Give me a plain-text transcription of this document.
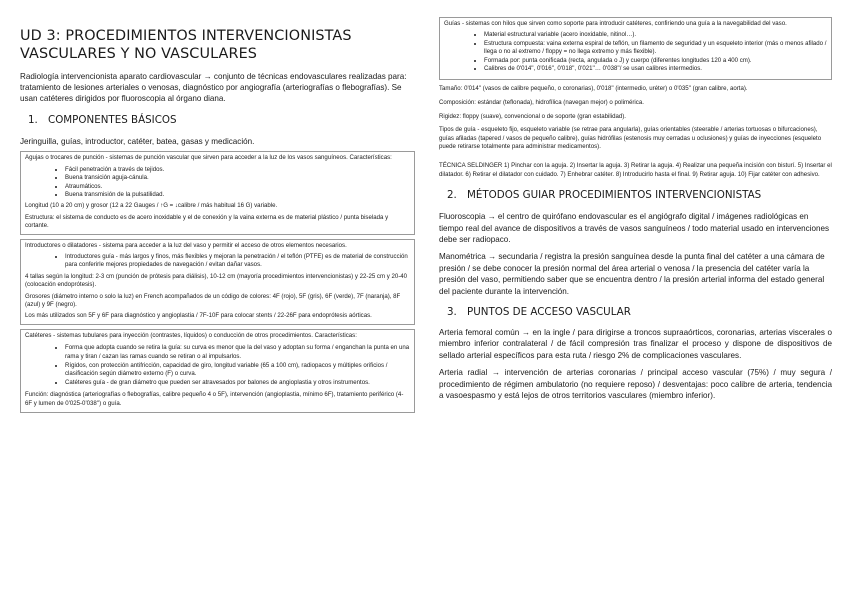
UD 3: PROCEDIMIENTOS INTERVENCIONISTAS VASCULARES Y NO VASCULARES

Radiología intervencionista aparato cardiovascular → conjunto de técnicas endovasculares realizadas para: tratamiento de lesiones arteriales o venosas, diagnóstico por angiografía (arteriografías o flebografías). Se usan catéteres dirigidos por fluoroscopia al órgano diana.

1. COMPONENTES BÁSICOS

Jeringuilla, guías, introductor, catéter, batea, gasas y medicación.

Agujas o trocares de punción - sistemas de punción vascular que sirven para acceder a la luz de los vasos sanguíneos. Características:

• Fácil penetración a través de tejidos.
• Buena transición aguja-cánula.
• Atraumáticos.
• Buena transmisión de la pulsatilidad.

Longitud (10 a 20 cm) y grosor (12 a 22 Gauges / ↑G = ↓calibre / más habitual 16 G) variable.

Estructura: el sistema de conducto es de acero inoxidable y el de conexión y la vaina externa es de material plástico / punta biselada y cortante.

Introductores o dilatadores - sistema para acceder a la luz del vaso y permitir el acceso de otros elementos necesarios.

• Introductores guía - más largos y finos, más flexibles y mejoran la penetración / el teflón (PTFE) es de material de construcción para conferirle mejores propiedades de navegación / evitan dañar vasos.

4 tallas según la longitud: 2-3 cm (punción de prótesis para diálisis), 10-12 cm (mayoría procedimientos intervencionistas) y 22-25 cm y 20-40 (colocación endoprótesis).

Grosores (diámetro interno o solo la luz) en French acompañados de un código de colores: 4F (rojo), 5F (gris), 6F (verde), 7F (naranja), 8F (azul) y 9F (negro).

Los más utilizados son 5F y 6F para diagnóstico y angioplastia / 7F-10F para colocar stents / 22-26F para endoprótesis aórticas.

Catéteres - sistemas tubulares para inyección (contrastes, líquidos) o conducción de otros procedimientos. Características:

• Forma que adopta cuando se retira la guía: su curva es menor que la del vaso y adoptan su forma / enganchan la punta en una rama y tiran / cazan las ramas cuando se retiran o al impulsarlos.
• Rígidos, con protección antifricción, capacidad de giro, longitud variable (65 a 100 cm), radiopacos y múltiples orificios / clasificación según diámetro externo (F) o curva.
• Catéteres guía - de gran diámetro que pueden ser atravesados por balones de angioplastia y otros instrumentos.

Función: diagnóstica (arteriografías o flebografías, calibre pequeño 4 o 5F), intervención (angioplastia, mínimo 6F), tratamiento periférico (4-6F y lumen de 0'025-0'038'') o guía.

Guías - sistemas con hilos que sirven como soporte para introducir catéteres, confiriendo una guía a la navegabilidad del vaso.

• Material estructural variable (acero inoxidable, nitinol…).
• Estructura compuesta: vaina externa espiral de teflón, un filamento de seguridad y un esqueleto interior (más o menos afilado / llega o no al extremo / floppy = no llega extremo y más flexible).
• Formada por: punta conificada (recta, angulada o J) y cuerpo (diferentes longitudes 120 a 400 cm).
• Calibres de 0'014'', 0'016'', 0'018'', 0'021''… 0'038''/ se usan calibres intermedios.

Tamaño: 0'014'' (vasos de calibre pequeño, o coronarias), 0'018'' (intermedio, uréter) o 0'035'' (gran calibre, aorta).

Composición: estándar (teflonada), hidrofílica (navegan mejor) o polimérica.

Rigidez: floppy (suave), convencional o de soporte (gran estabilidad).

Tipos de guía - esqueleto fijo, esqueleto variable (se retrae para angularla), guías orientables (steerable / arterias tortuosas o bifurcaciones), guías afiladas (tapered / vasos de pequeño calibre), guías hidrófilas (estenosis muy cerradas u oclusiones) y guías de inyecciones (esqueleto puede retirarse totalmente para administrar medicamentos).

TÉCNICA SELDINGER 1) Pinchar con la aguja. 2) Insertar la aguja. 3) Retirar la aguja. 4) Realizar una pequeña incisión con bisturí. 5) Insertar el dilatador. 6) Retirar el dilatador con cuidado. 7) Enhebrar catéter. 8) Introducirlo hasta el final. 9) Retirar aguja. 10) Fijar catéter con adhesivo.

2. MÉTODOS GUIAR PROCEDIMIENTOS INTERVENCIONISTAS

Fluoroscopia → el centro de quirófano endovascular es el angiógrafo digital / imágenes radiológicas en tiempo real del avance de dispositivos a través de vasos sanguíneos / todo material usado en intervenciones debe ser radiopaco.

Manométrica → secundaria / registra la presión sanguínea desde la punta final del catéter a una cámara de presión / se debe conocer la presión normal del área arterial o venosa / la presencia del catéter varía la presión del vaso, permitiendo saber que se encuentra dentro / la presión arterial informa del estado general del paciente durante la intervención.

3. PUNTOS DE ACCESO VASCULAR

Arteria femoral común → en la ingle / para dirigirse a troncos supraaórticos, coronarias, arterias viscerales o miembro inferior contralateral / de fácil compresión tras finalizar el proceso y dispone de dispositivos de sellado arterial específicos para esta ruta / riesgo 2% de complicaciones vasculares.

Arteria radial → intervención de arterias coronarias / principal acceso vascular (75%) / muy segura / procedimiento de régimen ambulatorio (no requiere reposo) / desventajas: poco calibre de arteria, tendencia a vasoespasmo y está lejos de otros territorios vasculares (miembro inferior).
